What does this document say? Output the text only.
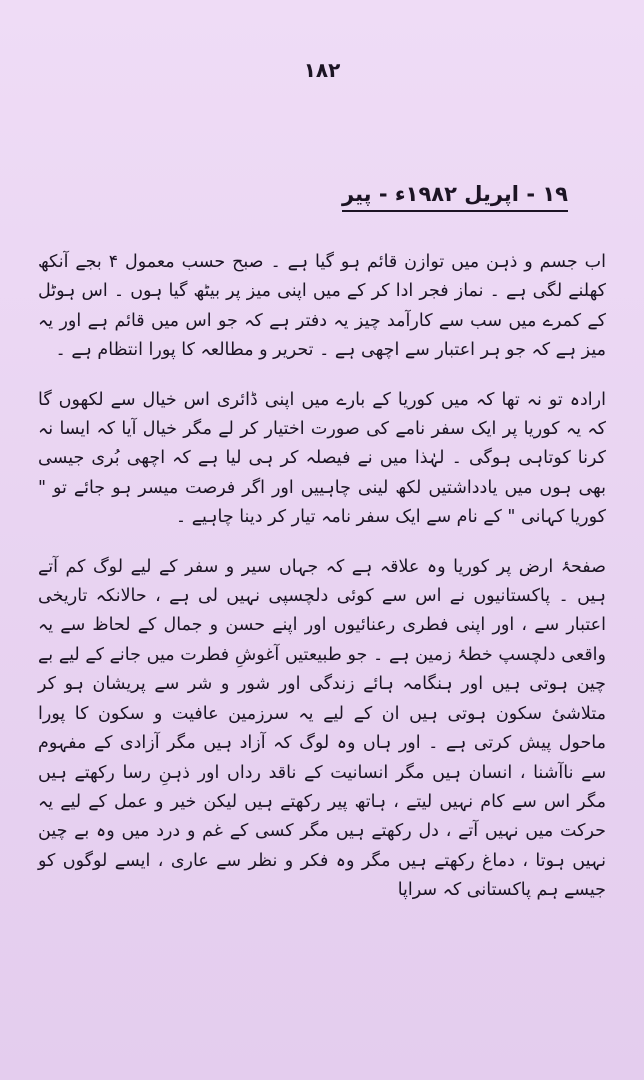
۱۸۲
۱۹ - اپریل ۱۹۸۲ء - پیر

اب جسم و ذہن میں توازن قائم ہو گیا ہے ۔ صبح حسب معمول ۴ بجے آنکھ کھلنے لگی ہے ۔ نماز فجر ادا کر کے میں اپنی میز پر بیٹھ گیا ہوں ۔ اس ہوٹل کے کمرے میں سب سے کارآمد چیز یہ دفتر ہے کہ جو اس میں قائم ہے اور یہ میز ہے کہ جو ہر اعتبار سے اچھی ہے ۔ تحریر و مطالعہ کا پورا انتظام ہے ۔

ارادہ تو نہ تھا کہ میں کوریا کے بارے میں اپنی ڈائری اس خیال سے لکھوں گا کہ یہ کوریا پر ایک سفر نامے کی صورت اختیار کر لے مگر خیال آیا کہ ایسا نہ کرنا کوتاہی ہوگی ۔ لہٰذا میں نے فیصلہ کر ہی لیا ہے کہ اچھی بُری جیسی بھی ہوں میں یادداشتیں لکھ لینی چاہییں اور اگر فرصت میسر ہو جائے تو " کوریا کہانی " کے نام سے ایک سفر نامہ تیار کر دینا چاہیے ۔

صفحۂ ارض پر کوریا وہ علاقہ ہے کہ جہاں سیر و سفر کے لیے لوگ کم آتے ہیں ۔ پاکستانیوں نے اس سے کوئی دلچسپی نہیں لی ہے ، حالانکہ تاریخی اعتبار سے ، اور اپنی فطری رعنائیوں اور اپنے حسن و جمال کے لحاظ سے یہ واقعی دلچسپ خطۂ زمین ہے ۔ جو طبیعتیں آغوشِ فطرت میں جانے کے لیے بے چین ہوتی ہیں اور ہنگامہ ہائے زندگی اور شور و شر سے پریشان ہو کر متلاشیٔ سکون ہوتی ہیں ان کے لیے یہ سرزمین عافیت و سکون کا پورا ماحول پیش کرتی ہے ۔ اور ہاں وہ لوگ کہ آزاد ہیں مگر آزادی کے مفہوم سے ناآشنا ، انسان ہیں مگر انسانیت کے ناقد رداں اور ذہنِ رسا رکھتے ہیں مگر اس سے کام نہیں لیتے ، ہاتھ پیر رکھتے ہیں لیکن خیر و عمل کے لیے یہ حرکت میں نہیں آتے ، دل رکھتے ہیں مگر کسی کے غم و درد میں وہ بے چین نہیں ہوتا ، دماغ رکھتے ہیں مگر وہ فکر و نظر سے عاری ، ایسے لوگوں کو جیسے ہم پاکستانی کہ سراپا
